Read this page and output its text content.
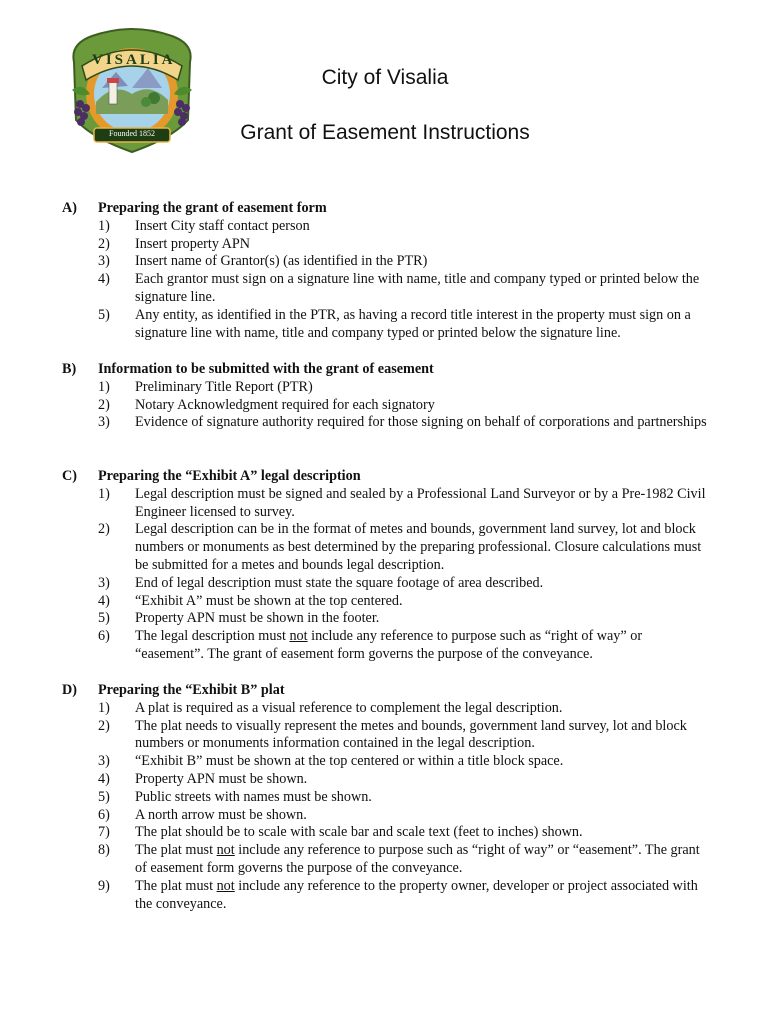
VISALIA
Founded 1852
City of Visalia
Grant of Easement Instructions
A)	Preparing the grant of easement form
1)	Insert City staff contact person
2)	Insert property APN
3)	Insert name of Grantor(s) (as identified in the PTR)
4)	Each grantor must sign on a signature line with name, title and company typed or printed below the signature line.
5)	Any entity, as identified in the PTR, as having a record title interest in the property must sign on a signature line with name, title and company typed or printed below the signature line.
B)	Information to be submitted with the grant of easement
1)	Preliminary Title Report (PTR)
2)	Notary Acknowledgment required for each signatory
3)	Evidence of signature authority required for those signing on behalf of corporations and partnerships
C)	Preparing the “Exhibit A” legal description
1)	Legal description must be signed and sealed by a Professional Land Surveyor or by a Pre-1982 Civil Engineer licensed to survey.
2)	Legal description can be in the format of metes and bounds, government land survey, lot and block numbers or monuments as best determined by the preparing professional. Closure calculations must be submitted for a metes and bounds legal description.
3)	End of legal description must state the square footage of area described.
4)	“Exhibit A” must be shown at the top centered.
5)	Property APN must be shown in the footer.
6)	The legal description must not include any reference to purpose such as “right of way” or “easement”. The grant of easement form governs the purpose of the conveyance.
D)	Preparing the “Exhibit B” plat
1)	A plat is required as a visual reference to complement the legal description.
2)	The plat needs to visually represent the metes and bounds, government land survey, lot and block numbers or monuments information contained in the legal description.
3)	“Exhibit B” must be shown at the top centered or within a title block space.
4)	Property APN must be shown.
5)	Public streets with names must be shown.
6)	A north arrow must be shown.
7)	The plat should be to scale with scale bar and scale text (feet to inches) shown.
8)	The plat must not include any reference to purpose such as “right of way” or “easement”. The grant of easement form governs the purpose of the conveyance.
9)	The plat must not include any reference to the property owner, developer or project associated with the conveyance.
